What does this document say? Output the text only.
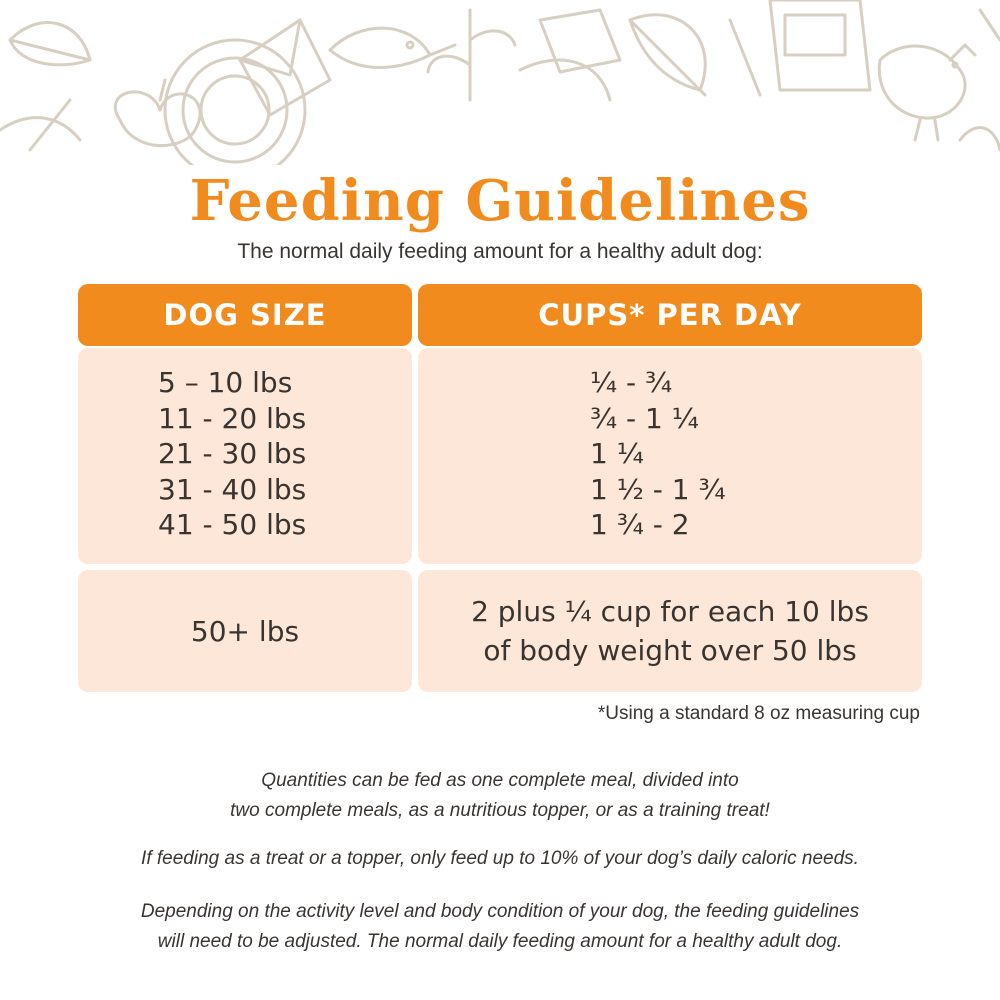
Feeding Guidelines
The normal daily feeding amount for a healthy adult dog:
DOG SIZE	CUPS* PER DAY
5 – 10 lbs
11 - 20 lbs
21 - 30 lbs
31 - 40 lbs
41 - 50 lbs
¼ - ¾
¾ - 1 ¼
1 ¼
1 ½ - 1 ¾
1 ¾ - 2
50+ lbs
2 plus ¼ cup for each 10 lbs
of body weight over 50 lbs
*Using a standard 8 oz measuring cup
Quantities can be fed as one complete meal, divided into
two complete meals, as a nutritious topper, or as a training treat!
If feeding as a treat or a topper, only feed up to 10% of your dog’s daily caloric needs.
Depending on the activity level and body condition of your dog, the feeding guidelines
will need to be adjusted. The normal daily feeding amount for a healthy adult dog.
